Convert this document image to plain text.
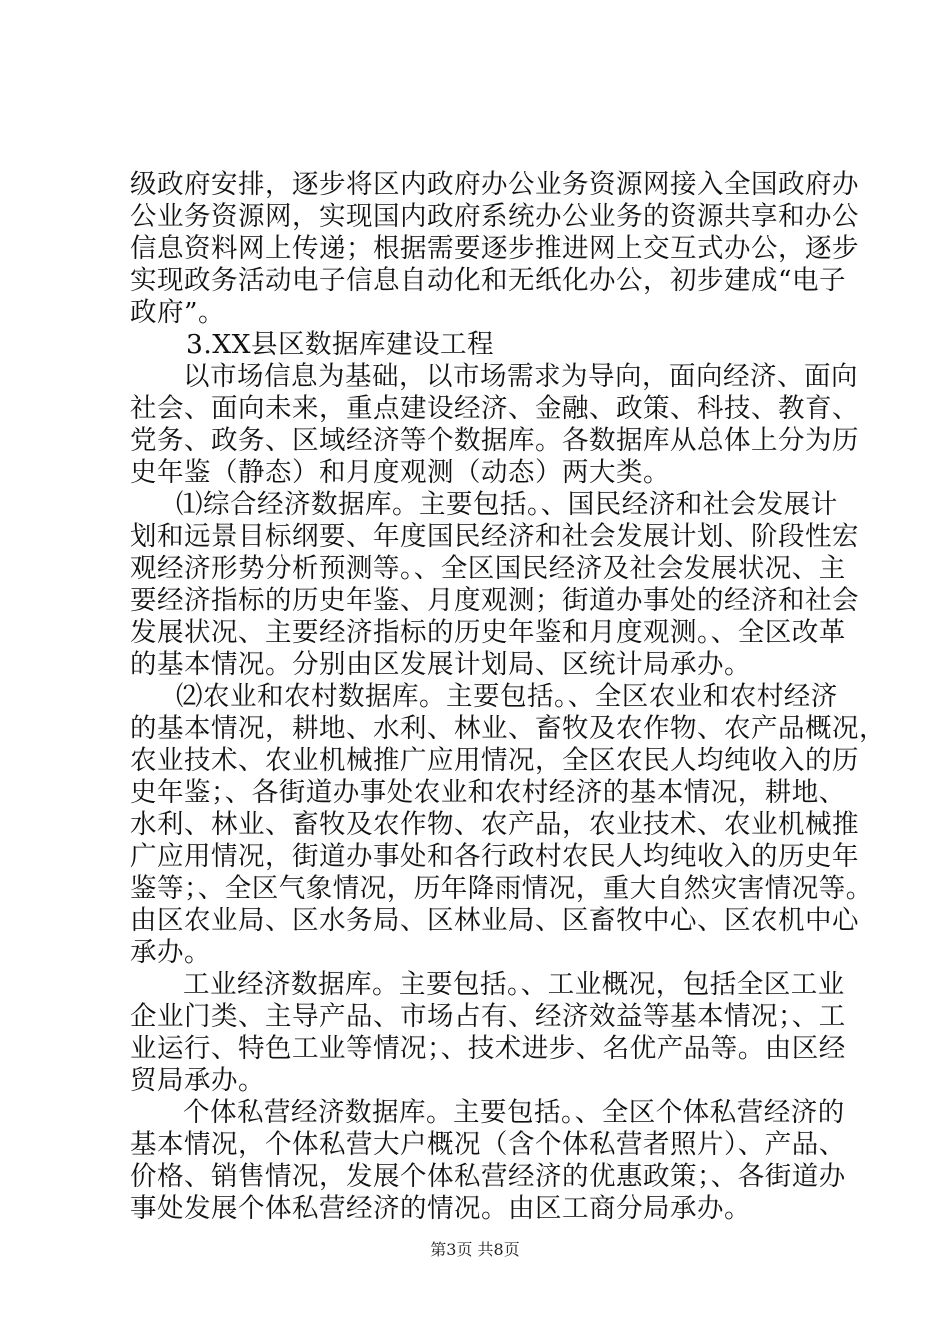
级政府安排，逐步将区内政府办公业务资源网接入全国政府办
公业务资源网，实现国内政府系统办公业务的资源共享和办公
信息资料网上传递；根据需要逐步推进网上交互式办公，逐步
实现政务活动电子信息自动化和无纸化办公，初步建成“电子
政府”。
3.XX县区数据库建设工程
以市场信息为基础，以市场需求为导向，面向经济、面向
社会、面向未来，重点建设经济、金融、政策、科技、教育、
党务、政务、区域经济等个数据库。各数据库从总体上分为历
史年鉴（静态）和月度观测（动态）两大类。
⑴综合经济数据库。主要包括。、国民经济和社会发展计
划和远景目标纲要、年度国民经济和社会发展计划、阶段性宏
观经济形势分析预测等。、全区国民经济及社会发展状况、主
要经济指标的历史年鉴、月度观测；街道办事处的经济和社会
发展状况、主要经济指标的历史年鉴和月度观测。、全区改革
的基本情况。分别由区发展计划局、区统计局承办。
⑵农业和农村数据库。主要包括。、全区农业和农村经济
的基本情况，耕地、水利、林业、畜牧及农作物、农产品概况，
农业技术、农业机械推广应用情况，全区农民人均纯收入的历
史年鉴；、各街道办事处农业和农村经济的基本情况，耕地、
水利、林业、畜牧及农作物、农产品，农业技术、农业机械推
广应用情况，街道办事处和各行政村农民人均纯收入的历史年
鉴等；、全区气象情况，历年降雨情况，重大自然灾害情况等。
由区农业局、区水务局、区林业局、区畜牧中心、区农机中心
承办。
工业经济数据库。主要包括。、工业概况，包括全区工业
企业门类、主导产品、市场占有、经济效益等基本情况；、工
业运行、特色工业等情况；、技术进步、名优产品等。由区经
贸局承办。
个体私营经济数据库。主要包括。、全区个体私营经济的
基本情况，个体私营大户概况（含个体私营者照片）、产品、
价格、销售情况，发展个体私营经济的优惠政策；、各街道办
事处发展个体私营经济的情况。由区工商分局承办。
第3页 共8页
